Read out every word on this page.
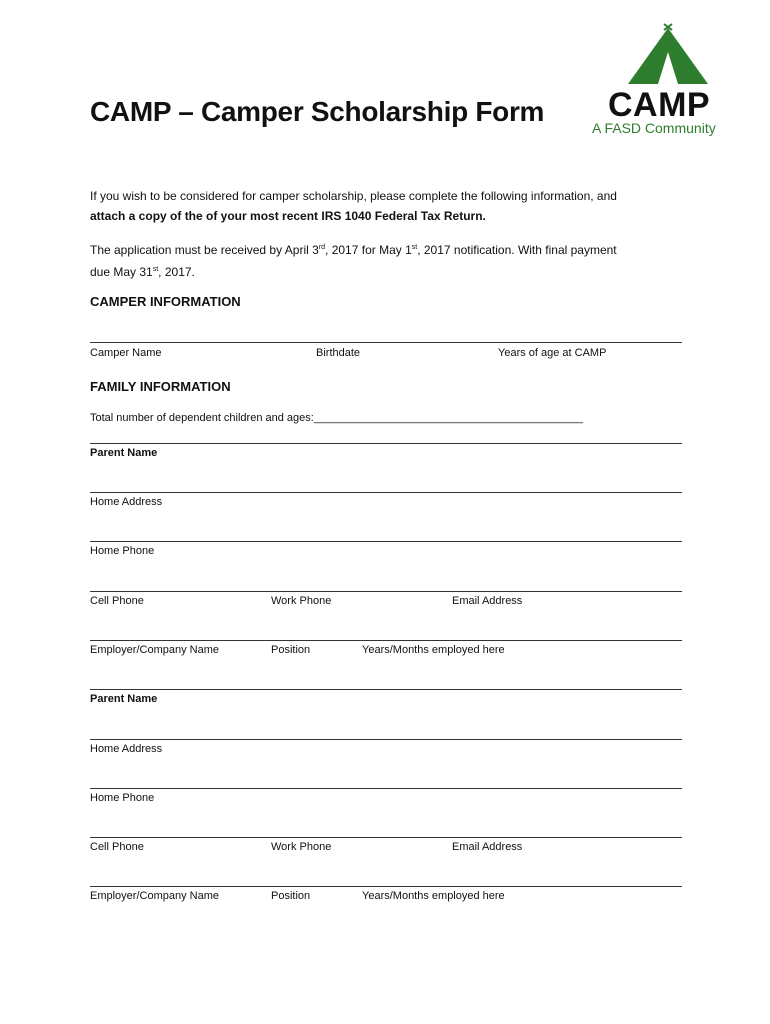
CAMP – Camper Scholarship Form CAMP
A FASD Community
If you wish to be considered for camper scholarship, please complete the following information, and
attach a copy of the of your most recent IRS 1040 Federal Tax Return.
The application must be received by April 3rd, 2017 for May 1st, 2017 notification. With final payment
due May 31st, 2017.
CAMPER INFORMATION
Camper Name	Birthdate	Years of age at CAMP
FAMILY INFORMATION
Total number of dependent children and ages:____________________________________________
Parent Name
Home Address
Home Phone
Cell Phone	Work Phone	Email Address
Employer/Company Name	Position	Years/Months employed here
Parent Name
Home Address
Home Phone
Cell Phone	Work Phone	Email Address
Employer/Company Name	Position	Years/Months employed here
